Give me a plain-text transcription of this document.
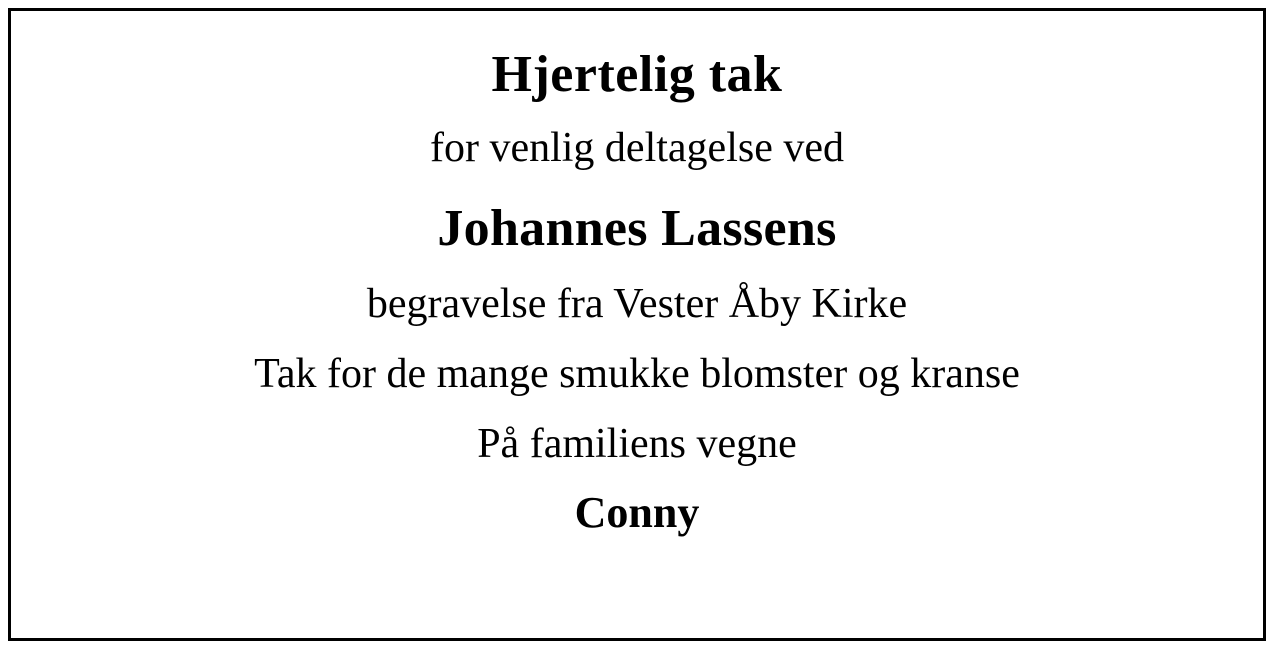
Hjertelig tak
for venlig deltagelse ved
Johannes Lassens
begravelse fra Vester Åby Kirke
Tak for de mange smukke blomster og kranse
På familiens vegne
Conny
